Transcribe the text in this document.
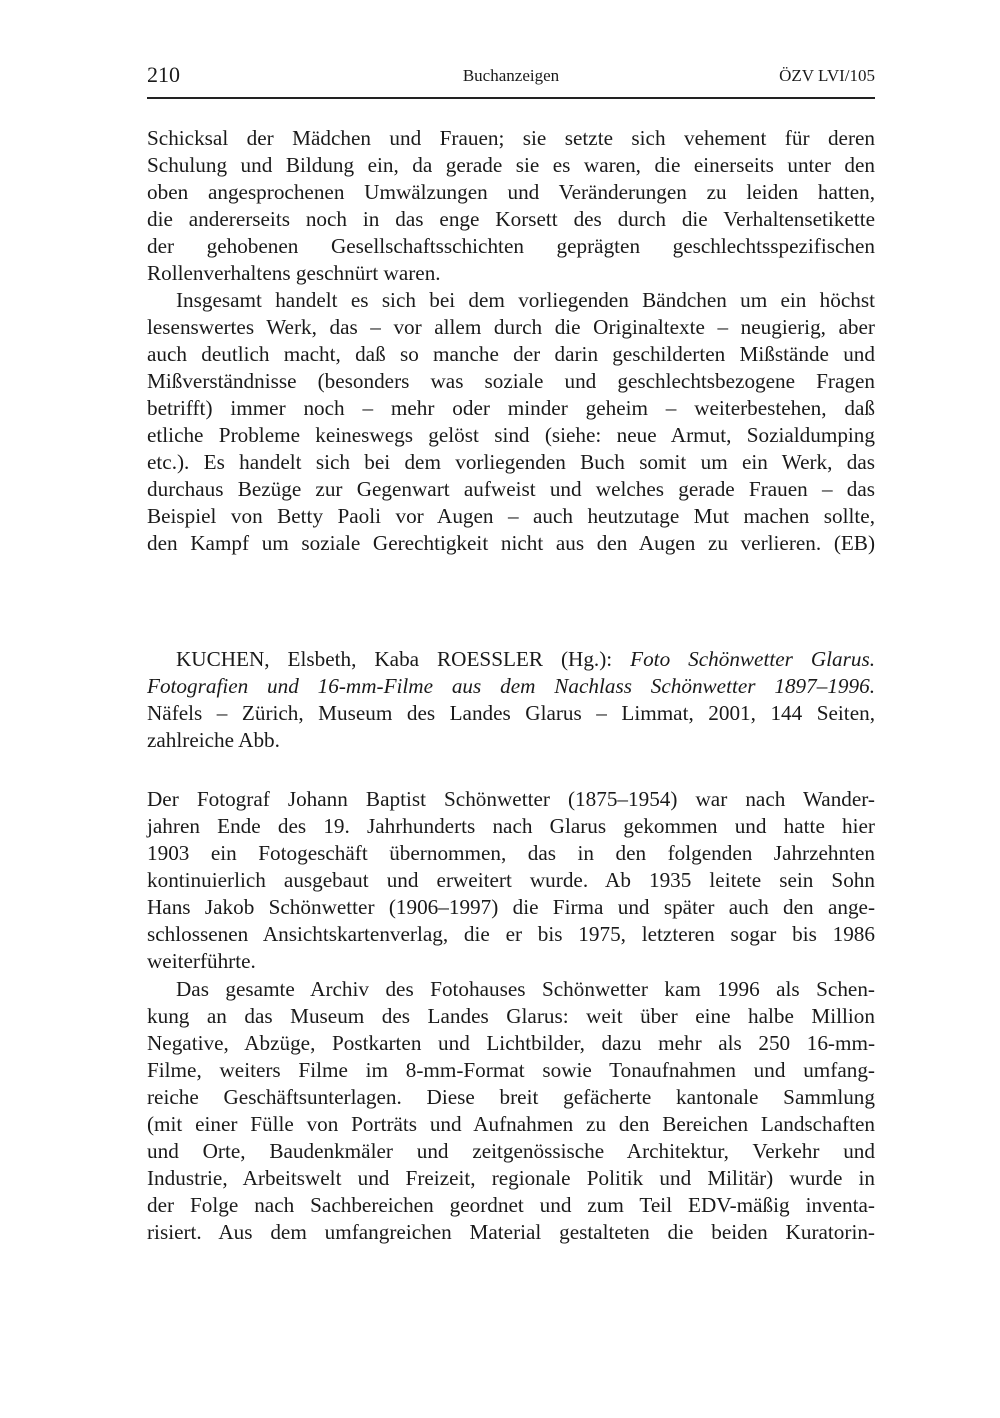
Buchanzeigen
210	ÖZV LVI/105
Schicksal der Mädchen und Frauen; sie setzte sich vehement für deren
Schulung und Bildung ein, da gerade sie es waren, die einerseits unter den
oben angesprochenen Umwälzungen und Veränderungen zu leiden hatten,
die andererseits noch in das enge Korsett des durch die Verhaltensetikette
der gehobenen Gesellschaftsschichten geprägten geschlechtsspezifischen
Rollenverhaltens geschnürt waren.
Insgesamt handelt es sich bei dem vorliegenden Bändchen um ein höchst
lesenswertes Werk, das – vor allem durch die Originaltexte – neugierig, aber
auch deutlich macht, daß so manche der darin geschilderten Mißstände und
Mißverständnisse (besonders was soziale und geschlechtsbezogene Fragen
betrifft) immer noch – mehr oder minder geheim – weiterbestehen, daß
etliche Probleme keineswegs gelöst sind (siehe: neue Armut, Sozialdumping
etc.). Es handelt sich bei dem vorliegenden Buch somit um ein Werk, das
durchaus Bezüge zur Gegenwart aufweist und welches gerade Frauen – das
Beispiel von Betty Paoli vor Augen – auch heutzutage Mut machen sollte,
den Kampf um soziale Gerechtigkeit nicht aus den Augen zu verlieren. (EB)
KUCHEN, Elsbeth, Kaba ROESSLER (Hg.): Foto Schönwetter Glarus.
Fotografien und 16-mm-Filme aus dem Nachlass Schönwetter 1897–1996.
Näfels – Zürich, Museum des Landes Glarus – Limmat, 2001, 144 Seiten,
zahlreiche Abb.
Der Fotograf Johann Baptist Schönwetter (1875–1954) war nach Wander-
jahren Ende des 19. Jahrhunderts nach Glarus gekommen und hatte hier
1903 ein Fotogeschäft übernommen, das in den folgenden Jahrzehnten
kontinuierlich ausgebaut und erweitert wurde. Ab 1935 leitete sein Sohn
Hans Jakob Schönwetter (1906–1997) die Firma und später auch den ange-
schlossenen Ansichtskartenverlag, die er bis 1975, letzteren sogar bis 1986
weiterführte.
Das gesamte Archiv des Fotohauses Schönwetter kam 1996 als Schen-
kung an das Museum des Landes Glarus: weit über eine halbe Million
Negative, Abzüge, Postkarten und Lichtbilder, dazu mehr als 250 16-mm-
Filme, weiters Filme im 8-mm-Format sowie Tonaufnahmen und umfang-
reiche Geschäftsunterlagen. Diese breit gefächerte kantonale Sammlung
(mit einer Fülle von Porträts und Aufnahmen zu den Bereichen Landschaften
und Orte, Baudenkmäler und zeitgenössische Architektur, Verkehr und
Industrie, Arbeitswelt und Freizeit, regionale Politik und Militär) wurde in
der Folge nach Sachbereichen geordnet und zum Teil EDV-mäßig inventa-
risiert. Aus dem umfangreichen Material gestalteten die beiden Kuratorin-
